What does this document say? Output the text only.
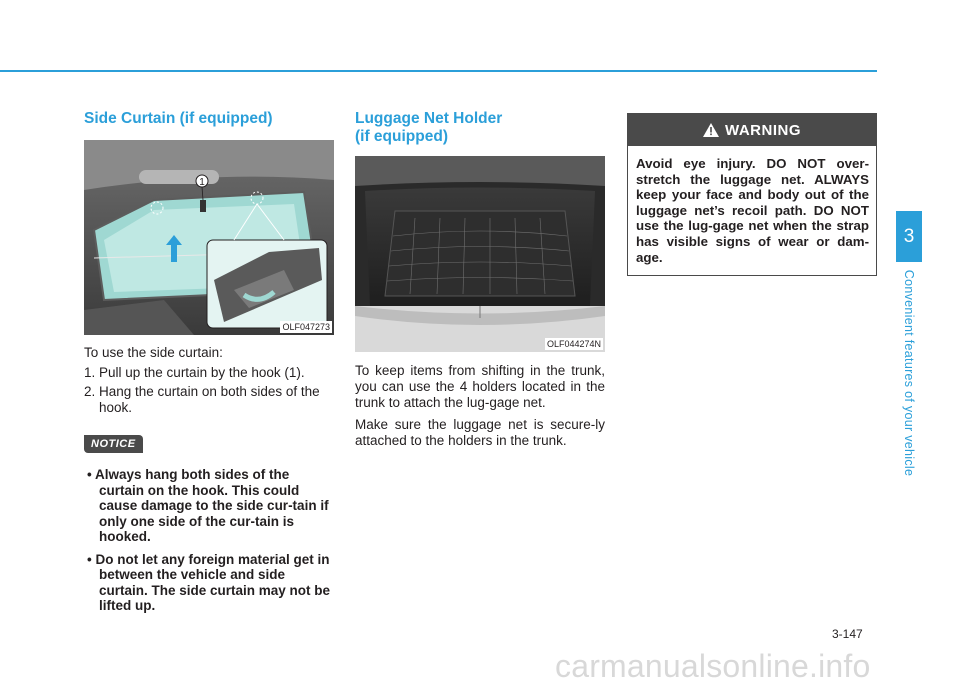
Side Curtain (if equipped)
1
OLF047273

To use the side curtain:

1. Pull up the curtain by the hook (1).
2. Hang the curtain on both sides of the hook.
NOTICE
• Always hang both sides of the curtain on the hook. This could cause damage to the side cur-tain if only one side of the cur-tain is hooked.
• Do not let any foreign material get in between the vehicle and side curtain. The side curtain may not be lifted up.
Luggage Net Holder
(if equipped)
OLF044274N

To keep items from shifting in the trunk, you can use the 4 holders located in the trunk to attach the lug-gage net.

Make sure the luggage net is secure-ly attached to the holders in the trunk.

WARNING
Avoid eye injury. DO NOT over-stretch the luggage net. ALWAYS keep your face and body out of the luggage net’s recoil path. DO NOT use the lug-gage net when the strap has visible signs of wear or dam-age.
3
Convenient features of your vehicle
3-147
carmanualsonline.info
